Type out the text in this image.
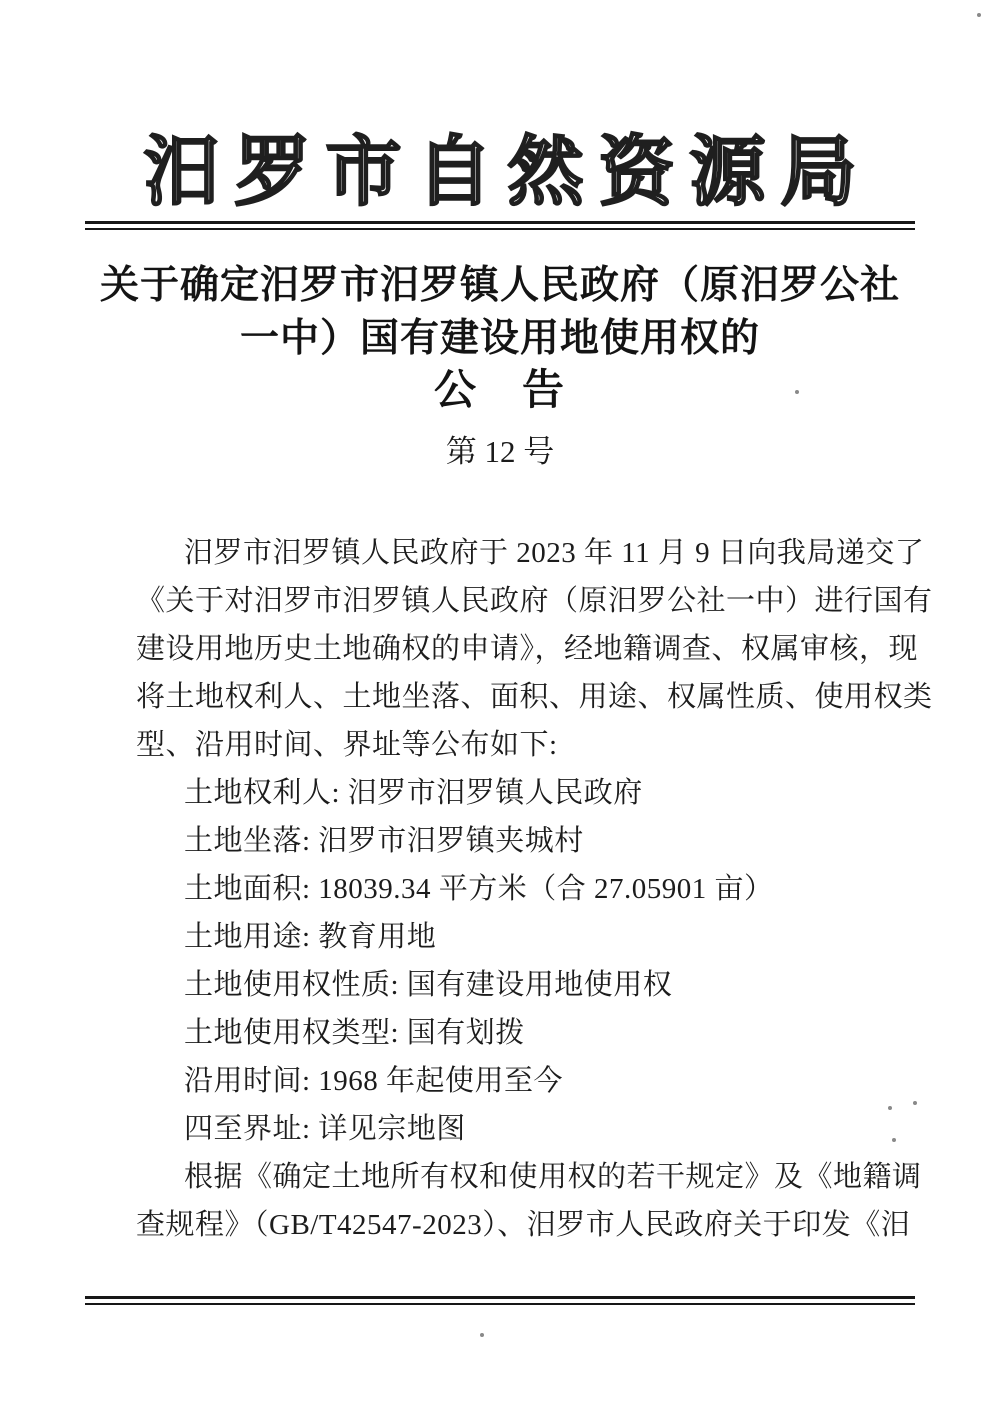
汨罗市自然资源局
关于确定汨罗市汨罗镇人民政府（原汨罗公社
一中）国有建设用地使用权的
公　告
第 12 号
汨罗市汨罗镇人民政府于 2023 年 11 月 9 日向我局递交了
《关于对汨罗市汨罗镇人民政府（原汨罗公社一中）进行国有
建设用地历史土地确权的申请》，经地籍调查、权属审核，现
将土地权利人、土地坐落、面积、用途、权属性质、使用权类
型、沿用时间、界址等公布如下:
土地权利人: 汨罗市汨罗镇人民政府
土地坐落: 汨罗市汨罗镇夹城村
土地面积: 18039.34 平方米（合 27.05901 亩）
土地用途: 教育用地
土地使用权性质: 国有建设用地使用权
土地使用权类型: 国有划拨
沿用时间: 1968 年起使用至今
四至界址: 详见宗地图
根据《确定土地所有权和使用权的若干规定》及《地籍调
查规程》（GB/T42547-2023）、汨罗市人民政府关于印发《汨
